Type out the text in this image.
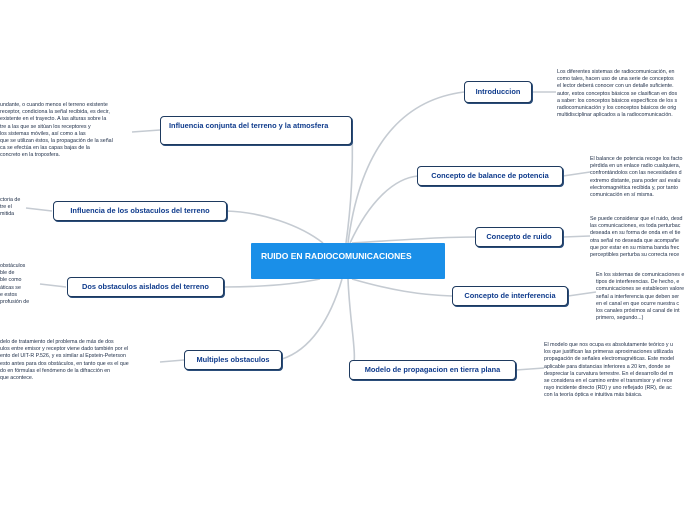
RUIDO EN RADIOCOMUNICACIONES
Introduccion
Los diferentes sistemas de radiocomunicación, en
como tales, hacen uso de una serie de conceptos
el lector deberá conocer con un detalle suficiente.
autor, estos conceptos básicos se clasifican en dos
a saber: los conceptos básicos específicos de los s
radiocomunicación y los conceptos básicos de orig
multidisciplinar aplicados a la radiocomunicación.
Concepto de balance de potencia
El balance de potencia recoge los facto
pérdida en un enlace radio cualquiera,
confrontándolos con las necesidades d
extremo distante, para poder así evalu
electromagnética recibida y, por tanto
comunicación en sí misma.
Concepto de ruido
Se puede considerar que el ruido, desd
las comunicaciones, es toda perturbac
deseada en su forma de onda en el tie
otra señal no deseada que acompañe
que por estar en su misma banda frec
perceptibles perturba su correcta rece
Concepto de interferencia
En los sistemas de comunicaciones e
tipos de interferencias. De hecho, e
comunicaciones se establecen valore
señal a interferencia que deben ser
en el canal en que ocurre nuestra c
los canales próximos al canal de int
primero, segundo...)
Modelo de propagacion en tierra plana
El modelo que nos ocupa es absolutamente teórico y u
los que justifican las primeras aproximaciones utilizada
propagación de señales electromagnéticas. Este model
aplicable para distancias inferiores a 20 km, donde se
despreciar la curvatura terrestre. En el desarrollo del m
se considera en el camino entre el transmisor y el rece
rayo incidente directo (RD) y uno reflejado (RR), de ac
con la teoría óptica e intuitiva más básica.
Influencia conjunta del terreno y la atmosfera
undante, o cuando menos el terreno existente
receptor, condiciona la señal recibida, es decir,
existente en el trayecto. A las alturas sobre la
tre a las que se sitúan los receptores y
los sistemas móviles, así como a las
que se utilizan éstos, la propagación de la señal
ca se efectúa en las capas bajas de la
concreto en la troposfera.
Influencia de los obstaculos del terreno
ctoria de
tre el
mitida
Dos obstaculos aislados del terreno
obstáculos
ble de
ble como
áticas se
e estos
profusión de
Multiples obstaculos
delo de tratamiento del problema de más de dos
ulos entre emisor y receptor viene dado también por el
ento del UIT-R P.526, y es similar al Epstein-Peterson
esto antes para dos obstáculos, en tanto que es el que
do en fórmulas el fenómeno de la difracción en
que acontece.
